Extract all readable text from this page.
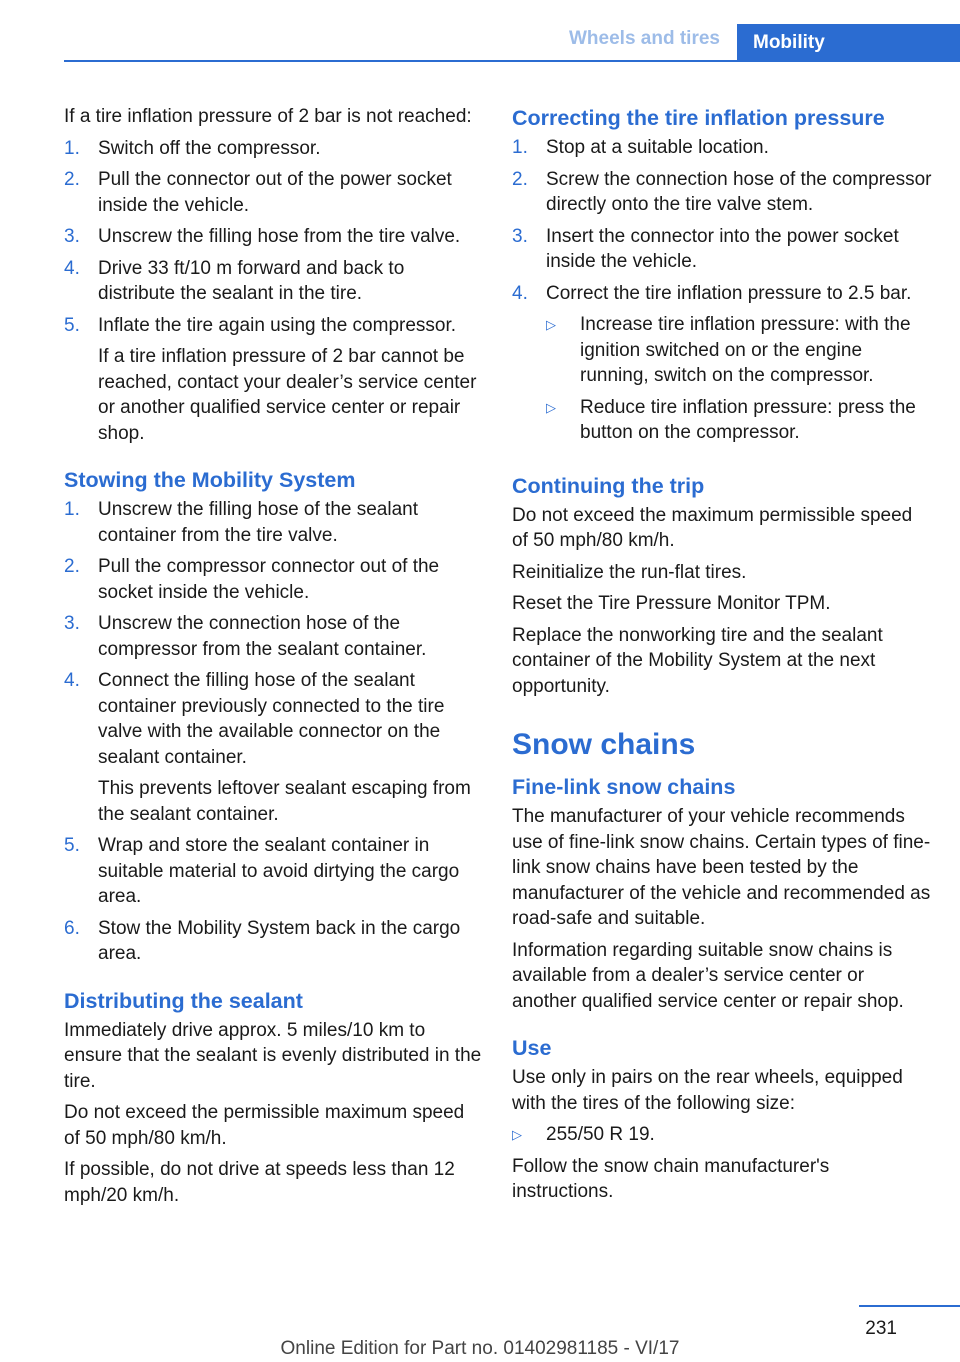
Wheels and tires Mobility

If a tire inflation pressure of 2 bar is not reached:

1. Switch off the compressor.
2. Pull the connector out of the power socket inside the vehicle.
3. Unscrew the filling hose from the tire valve.
4. Drive 33 ft/10 m forward and back to distribute the sealant in the tire.
5. Inflate the tire again using the compressor.
If a tire inflation pressure of 2 bar cannot be reached, contact your dealer’s service center or another qualified service center or repair shop.
Stowing the Mobility System
1. Unscrew the filling hose of the sealant container from the tire valve.
2. Pull the compressor connector out of the socket inside the vehicle.
3. Unscrew the connection hose of the compressor from the sealant container.
4. Connect the filling hose of the sealant container previously connected to the tire valve with the available connector on the sealant container.
This prevents leftover sealant escaping from the sealant container.
5. Wrap and store the sealant container in suitable material to avoid dirtying the cargo area.
6. Stow the Mobility System back in the cargo area.
Distributing the sealant

Immediately drive approx. 5 miles/10 km to ensure that the sealant is evenly distributed in the tire.

Do not exceed the permissible maximum speed of 50 mph/80 km/h.

If possible, do not drive at speeds less than 12 mph/20 km/h.

Correcting the tire inflation pressure
1. Stop at a suitable location.
2. Screw the connection hose of the compressor directly onto the tire valve stem.
3. Insert the connector into the power socket inside the vehicle.
4. Correct the tire inflation pressure to 2.5 bar.
▷	Increase tire inflation pressure: with the ignition switched on or the engine running, switch on the compressor.
▷	Reduce tire inflation pressure: press the button on the compressor.
Continuing the trip

Do not exceed the maximum permissible speed of 50 mph/80 km/h.

Reinitialize the run-flat tires.

Reset the Tire Pressure Monitor TPM.

Replace the nonworking tire and the sealant container of the Mobility System at the next opportunity.

Snow chains
Fine-link snow chains

The manufacturer of your vehicle recommends use of fine-link snow chains. Certain types of fine-link snow chains have been tested by the manufacturer of the vehicle and recommended as road-safe and suitable.

Information regarding suitable snow chains is available from a dealer’s service center or another qualified service center or repair shop.

Use

Use only in pairs on the rear wheels, equipped with the tires of the following size:

▷	255/50 R 19.

Follow the snow chain manufacturer's instructions.

231
Online Edition for Part no. 01402981185 - VI/17
